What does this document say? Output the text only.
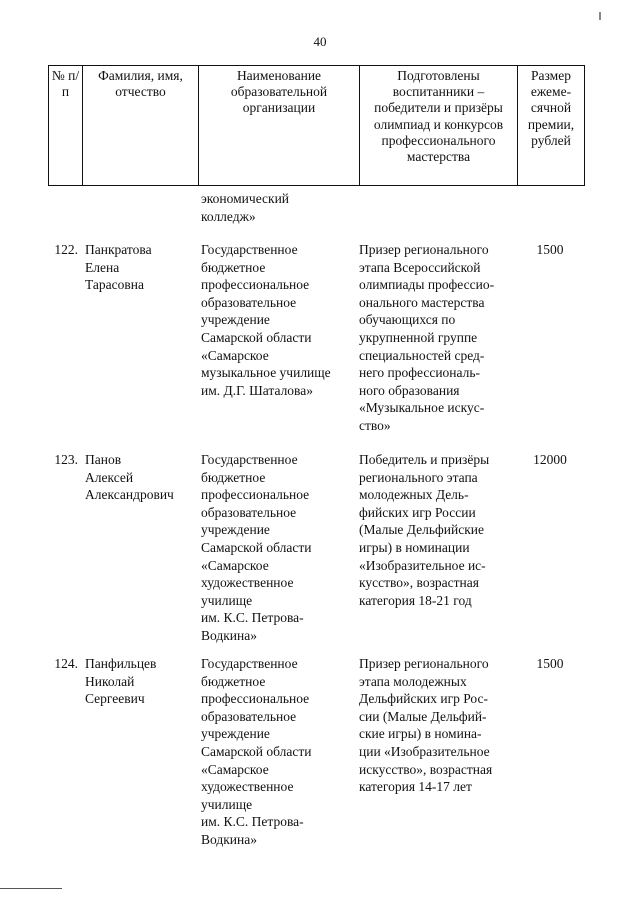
40
№ п/п
Фамилия, имя, отчество
Наименование образовательной организации
Подготовлены воспитанники – победители и призёры олимпиад и конкурсов профессионального мастерства
Размер ежеме-сячной премии, рублей
экономический
колледж»
122. Панкратова
Елена
Тарасовна
Государственное
бюджетное
профессиональное
образовательное
учреждение
Самарской области
«Самарское
музыкальное училище
им. Д.Г. Шаталова»
Призер регионального
этапа Всероссийской
олимпиады профессио-
онального мастерства
обучающихся по
укрупненной группе
специальностей сред-
него профессиональ-
ного образования
«Музыкальное искус-
ство»
1500
123. Панов
Алексей
Александрович
Государственное
бюджетное
профессиональное
образовательное
учреждение
Самарской области
«Самарское
художественное
училище
им. К.С. Петрова-
Водкина»
Победитель и призёры
регионального этапа
молодежных Дель-
фийских игр России
(Малые Дельфийские
игры) в номинации
«Изобразительное ис-
кусство», возрастная
категория 18-21 год
12000
124. Панфильцев
Николай
Сергеевич
Государственное
бюджетное
профессиональное
образовательное
учреждение
Самарской области
«Самарское
художественное
училище
им. К.С. Петрова-
Водкина»
Призер регионального
этапа молодежных
Дельфийских игр Рос-
сии (Малые Дельфий-
ские игры) в номина-
ции «Изобразительное
искусство», возрастная
категория 14-17 лет
1500
